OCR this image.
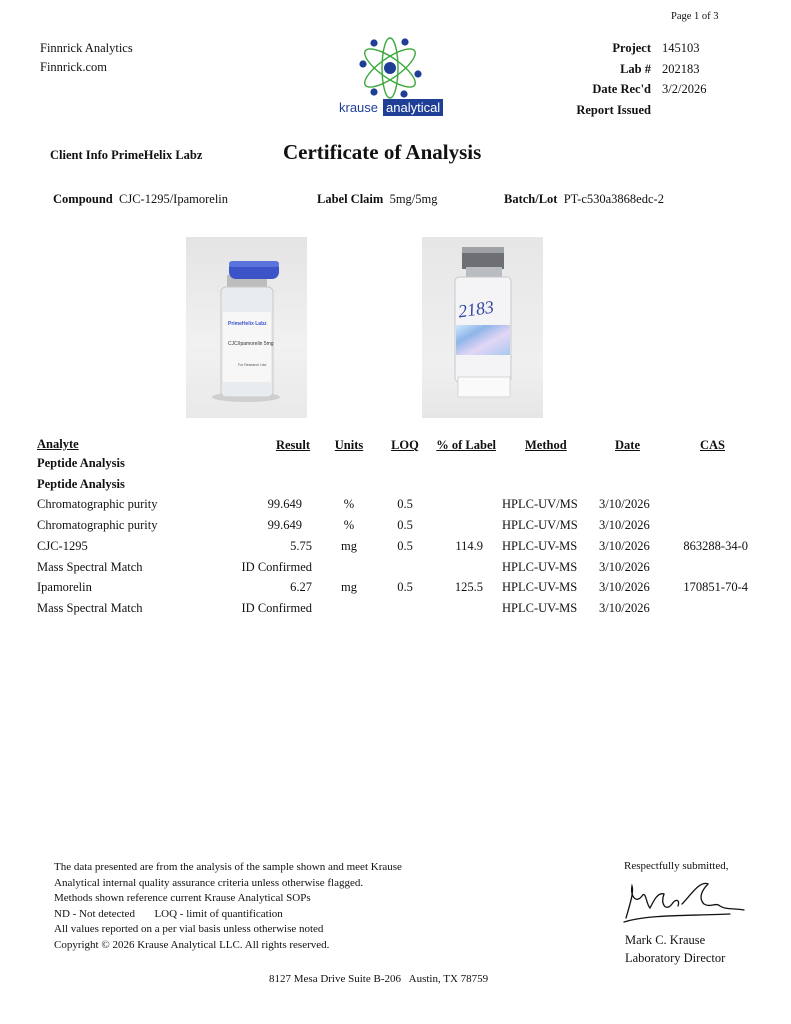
Page 1 of 3
Finnrick Analytics
Finnrick.com
krause analytical
Project 145103
Lab # 202183
Date Rec'd 3/2/2026
Report Issued
Client Info PrimeHelix Labz	Certificate of Analysis
Compound CJC-1295/Ipamorelin	Label Claim 5mg/5mg	Batch/Lot PT-c530a3868edc-2
PrimeHelix Labz
CJC/Ipamorelin 5mg
For Research Use
2183
Analyte	Result Units LOQ % of Label Method	Date	CAS
Peptide Analysis
Peptide Analysis
Chromatographic purity	99.649	%	0.5	HPLC-UV/MS 3/10/2026
Chromatographic purity	99.649	%	0.5	HPLC-UV/MS 3/10/2026
CJC-1295	5.75	mg	0.5	114.9 HPLC-UV-MS 3/10/2026	863288-34-0
Mass Spectral Match	ID Confirmed	HPLC-UV-MS 3/10/2026
Ipamorelin	6.27	mg	0.5	125.5 HPLC-UV-MS 3/10/2026	170851-70-4
Mass Spectral Match	ID Confirmed	HPLC-UV-MS 3/10/2026
The data presented are from the analysis of the sample shown and meet Krause
Analytical internal quality assurance criteria unless otherwise flagged.
Methods shown reference current Krause Analytical SOPs
ND - Not detected LOQ - limit of quantification
All values reported on a per vial basis unless otherwise noted
Copyright © 2026 Krause Analytical LLC. All rights reserved.
Respectfully submitted,
Mark C. Krause
Laboratory Director
8127 Mesa Drive Suite B-206   Austin, TX 78759
